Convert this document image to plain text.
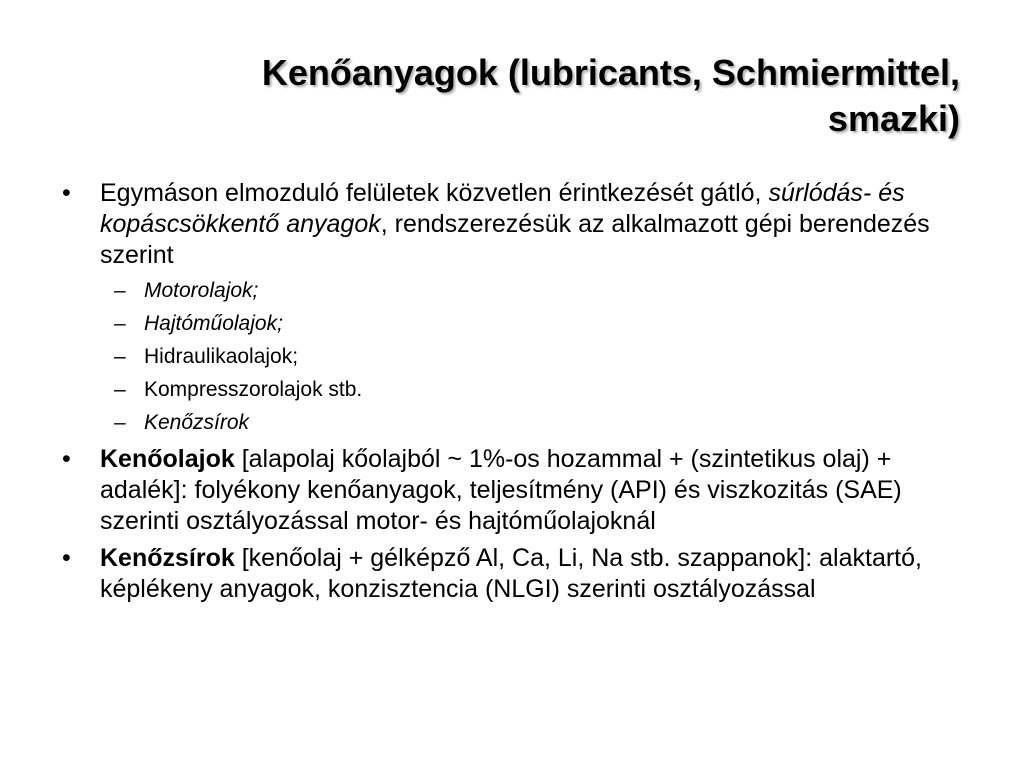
Kenőanyagok (lubricants, Schmiermittel,
smazki)
• Egymáson elmozduló felületek közvetlen érintkezését gátló, súrlódás- és kopáscsökkentő anyagok, rendszerezésük az alkalmazott gépi berendezés szerint
– Motorolajok;
– Hajtóműolajok;
– Hidraulikaolajok;
– Kompresszorolajok stb.
– Kenőzsírok
• Kenőolajok [alapolaj kőolajból ~ 1%-os hozammal + (szintetikus olaj) + adalék]: folyékony kenőanyagok, teljesítmény (API) és viszkozitás (SAE) szerinti osztályozással motor- és hajtóműolajoknál
• Kenőzsírok [kenőolaj + gélképző Al, Ca, Li, Na stb. szappanok]: alaktartó, képlékeny anyagok, konzisztencia (NLGI) szerinti osztályozással
